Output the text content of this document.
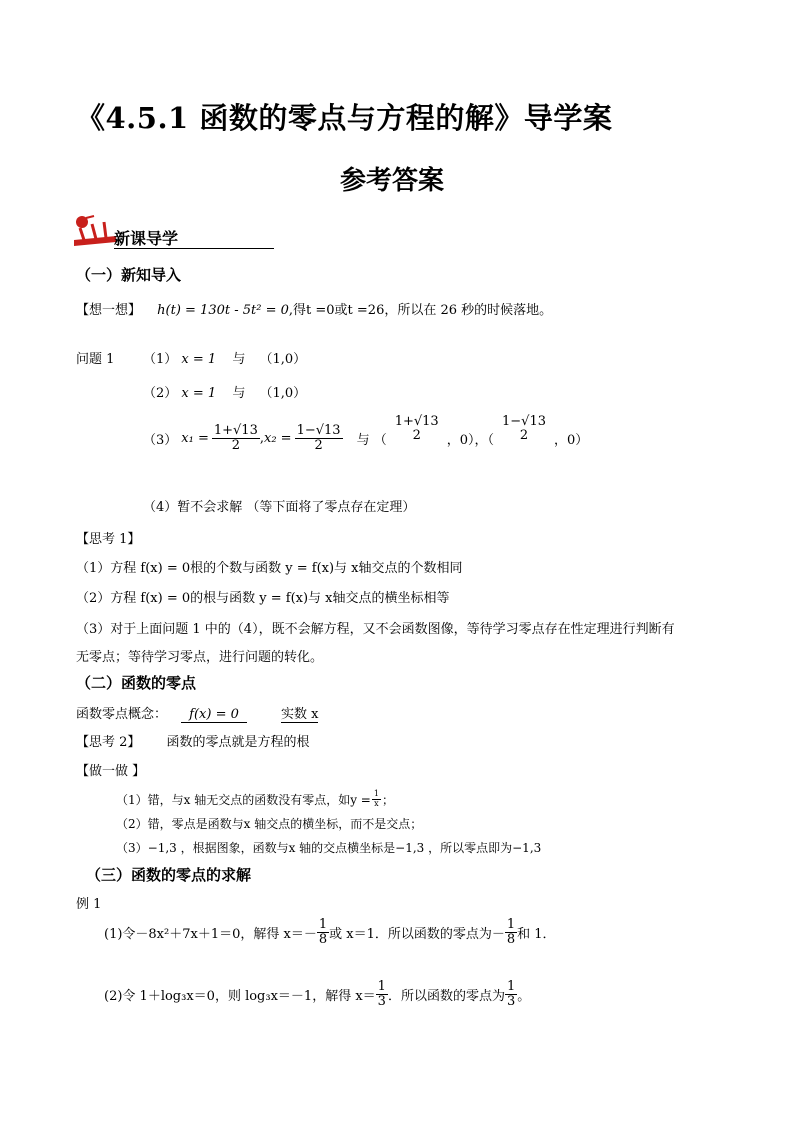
《4.5.1 函数的零点与方程的解》导学案
参考答案
新课导学
（一）新知导入
【想一想】 h(t) = 130t - 5t² = 0,得t =0或t =26，所以在 26 秒的时候落地。
问题 1 （1） x = 1 与 （1,0）
（2） x = 1 与 （1,0）
（3） $x_1 = \frac{1+√13}{2}$ , $x_2 = \frac{1-√13}{2}$ 与 （
1+√13
2	，0），（
1−√13
2	，0）
（4）暂不会求解 （等下面将了零点存在定理）
【思考 1】
（1）方程 f(x) = 0根的个数与函数 y = f(x)与 x轴交点的个数相同
（2）方程 f(x) = 0的根与函数 y = f(x)与 x轴交点的横坐标相等
（3）对于上面问题 1 中的（4），既不会解方程，又不会函数图像，等待学习零点存在性定理进行判断有
无零点；等待学习零点，进行问题的转化。
（二）函数的零点
函数零点概念： f(x) = 0	实数 x
【思考 2】 函数的零点就是方程的根
【做一做 】
（1）错，与x 轴无交点的函数没有零点，如$y = \frac{1}{x}$ ；
（2）错，零点是函数与x 轴交点的横坐标，而不是交点；
（3）−1,3 ，根据图象，函数与x 轴的交点横坐标是−1,3 ，所以零点即为−1,3
（三）函数的零点的求解
例 1
(1)令－8x²＋7x＋1＝0，解得 $x=- \frac{1}{8}$ 或 x＝1．所以函数的零点为－ $\frac{1}{8}$ 和 1．
(2)令 1＋log₃x＝0，则 log₃x＝－1，解得 $x= \frac{1}{3}$ ．所以函数的零点为 $\frac{1}{3}$ 。
